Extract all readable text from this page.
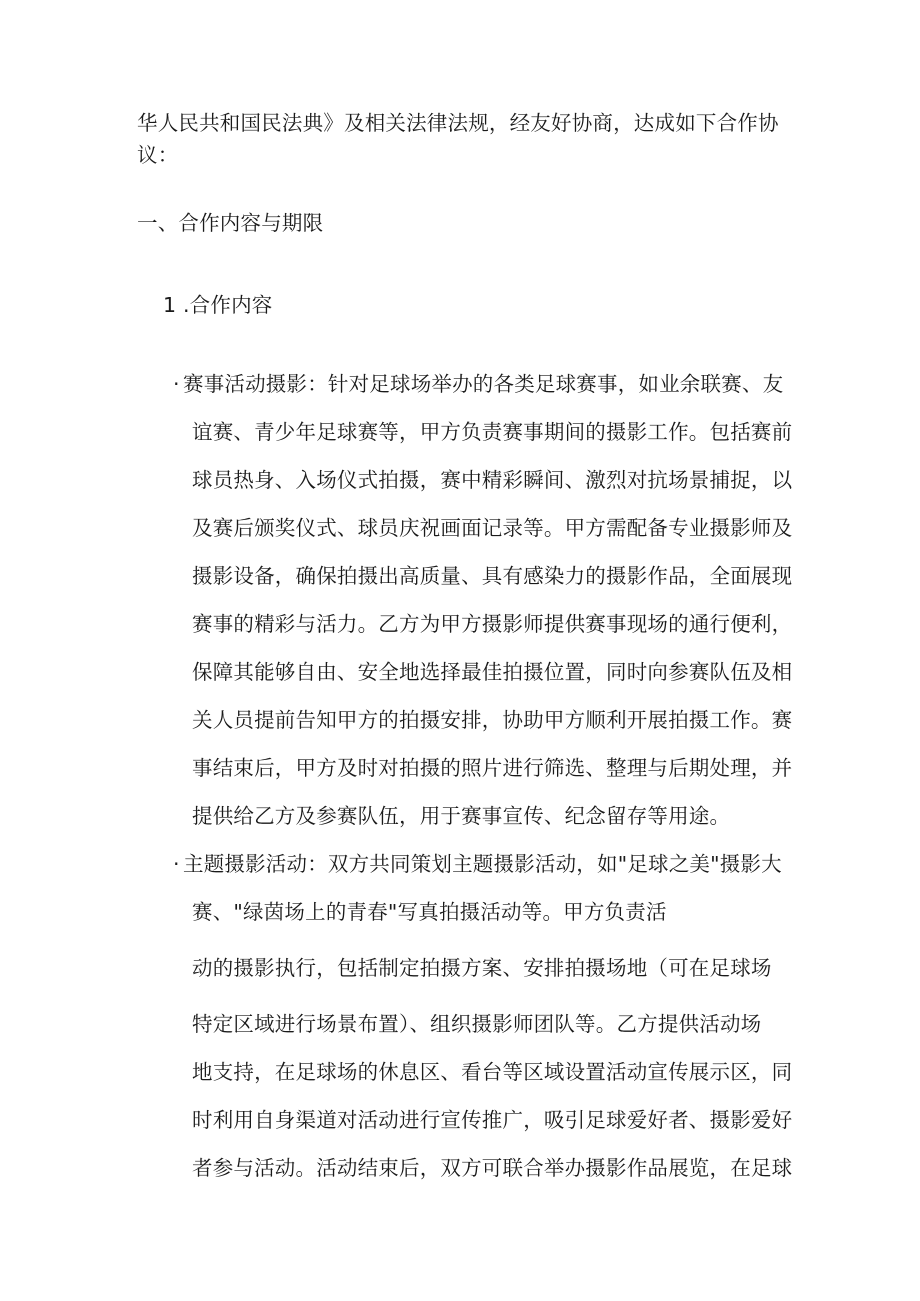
华人民共和国民法典》及相关法律法规，经友好协商，达成如下合作协
议：
一、合作内容与期限
1 .合作内容
· 赛事活动摄影：针对足球场举办的各类足球赛事，如业余联赛、友
谊赛、青少年足球赛等，甲方负责赛事期间的摄影工作。包括赛前
球员热身、入场仪式拍摄，赛中精彩瞬间、激烈对抗场景捕捉，以
及赛后颁奖仪式、球员庆祝画面记录等。甲方需配备专业摄影师及
摄影设备，确保拍摄出高质量、具有感染力的摄影作品，全面展现
赛事的精彩与活力。乙方为甲方摄影师提供赛事现场的通行便利，
保障其能够自由、安全地选择最佳拍摄位置，同时向参赛队伍及相
关人员提前告知甲方的拍摄安排，协助甲方顺利开展拍摄工作。赛
事结束后，甲方及时对拍摄的照片进行筛选、整理与后期处理，并
提供给乙方及参赛队伍，用于赛事宣传、纪念留存等用途。
· 主题摄影活动：双方共同策划主题摄影活动，如"足球之美"摄影大
赛、"绿茵场上的青春"写真拍摄活动等。甲方负责活
动的摄影执行，包括制定拍摄方案、安排拍摄场地（可在足球场
特定区域进行场景布置）、组织摄影师团队等。乙方提供活动场
地支持，在足球场的休息区、看台等区域设置活动宣传展示区，同
时利用自身渠道对活动进行宣传推广，吸引足球爱好者、摄影爱好
者参与活动。活动结束后，双方可联合举办摄影作品展览，在足球
